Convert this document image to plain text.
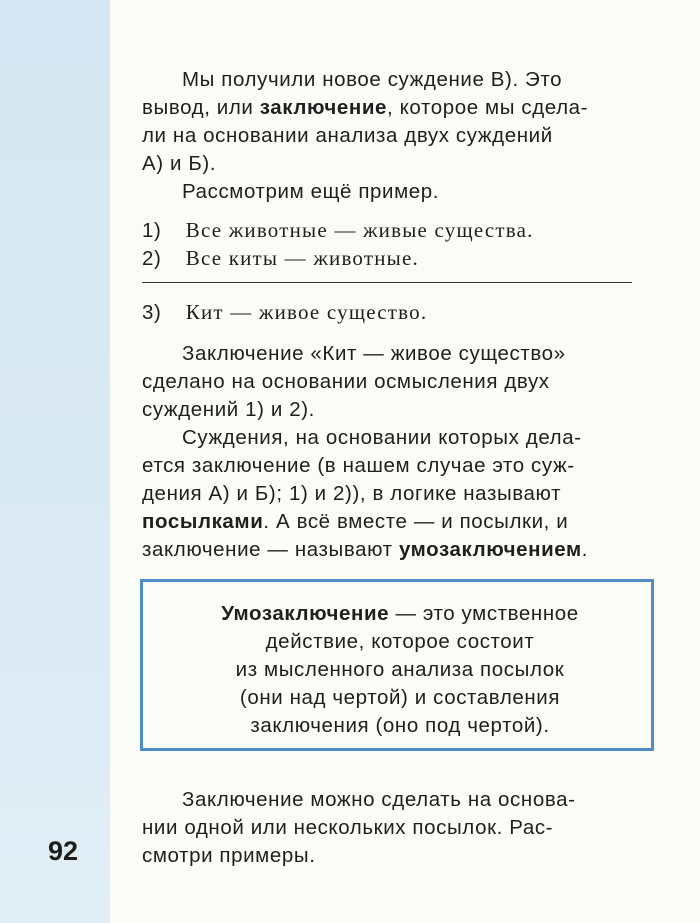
Мы получили новое суждение В). Это
вывод, или заключение, которое мы сдела-
ли на основании анализа двух суждений
А) и Б).
Рассмотрим ещё пример.
1) Все животные — живые существа.
2) Все киты — животные.
3) Кит — живое существо.
Заключение «Кит — живое существо»
сделано на основании осмысления двух
суждений 1) и 2).
Суждения, на основании которых дела-
ется заключение (в нашем случае это суж-
дения А) и Б); 1) и 2)), в логике называют
посылками. А всё вместе — и посылки, и
заключение — называют умозаключением.
Умозаключение — это умственное
действие, которое состоит
из мысленного анализа посылок
(они над чертой) и составления
заключения (оно под чертой).
Заключение можно сделать на основа-
нии одной или нескольких посылок. Рас-
смотри примеры.
92
